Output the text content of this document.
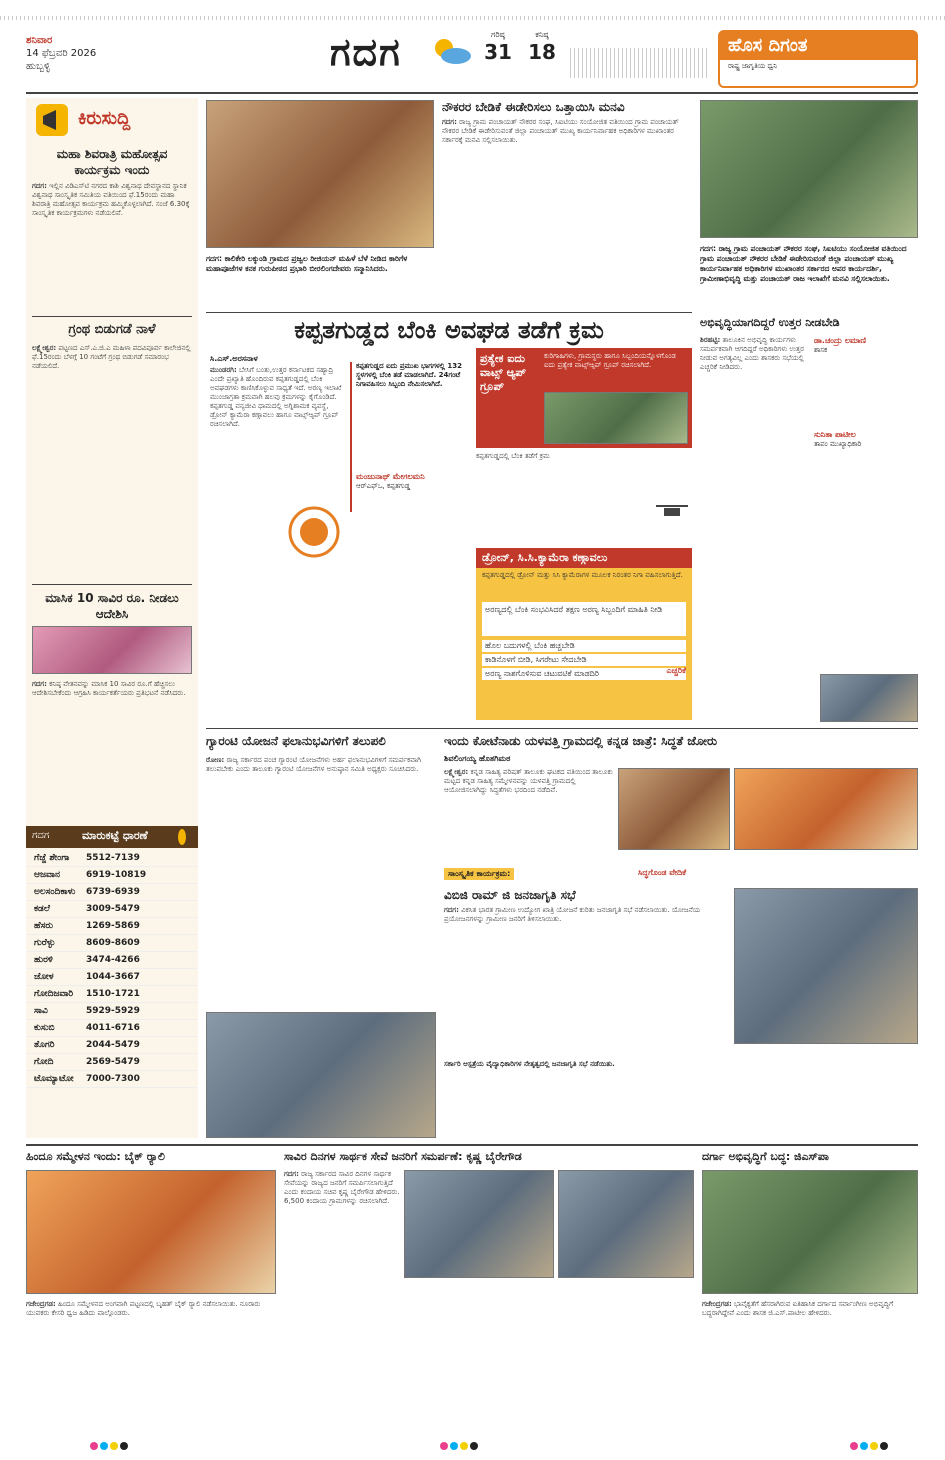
ಶನಿವಾರ
14 ಫೆಬ್ರವರಿ 2026
ಹುಬ್ಬಳ್ಳಿ	ಗದಗ	ಗರಿಷ್ಠ
31
ಕನಿಷ್ಠ
18	ಹೊಸ ದಿಗಂತ
ರಾಷ್ಟ್ರ ಜಾಗೃತಿಯ ಧ್ವನಿ
ಕಿರುಸುದ್ದಿ
ಮಹಾ ಶಿವರಾತ್ರಿ ಮಹೋತ್ಸವ ಕಾರ್ಯಕ್ರಮ ಇಂದು
ಗದಗ: ಇಲ್ಲಿನ ವಿಡಿಎಸ್‌ಟಿ ನಗರದ ಕಾಶಿ ವಿಶ್ವನಾಥ ದೇವಸ್ಥಾನದ ಸ್ಥಾನಿಕ ವಿಶ್ವನಾಥ ಸಾಂಸ್ಕೃತಿಕ ಸಮಿತಿಯ ವತಿಯಿಂದ ಫೆ.15ರಂದು ಮಹಾ ಶಿವರಾತ್ರಿ ಮಹೋತ್ಸವ ಕಾರ್ಯಕ್ರಮ ಹಮ್ಮಿಕೊಳ್ಳಲಾಗಿದೆ. ಸಂಜೆ 6.30ಕ್ಕೆ ಸಾಂಸ್ಕೃತಿಕ ಕಾರ್ಯಕ್ರಮಗಳು ನಡೆಯಲಿವೆ.
ಗ್ರಂಥ ಬಿಡುಗಡೆ ನಾಳೆ
ಲಕ್ಷ್ಮೇಶ್ವರ: ಪಟ್ಟಣದ ಎಸ್.ಎ.ಜಿ.ಎ ಮಹಿಳಾ ಪದವಿಪೂರ್ವ ಕಾಲೇಜಿನಲ್ಲಿ ಫೆ.15ರಂದು ಬೆಳಗ್ಗೆ 10 ಗಂಟೆಗೆ ಗ್ರಂಥ ಬಿಡುಗಡೆ ಸಮಾರಂಭ ನಡೆಯಲಿದೆ.
ಮಾಸಿಕ 10 ಸಾವಿರ ರೂ. ನೀಡಲು ಆದೇಶಿಸಿ
ಗದಗ: ಕನಿಷ್ಠ ವೇತನವನ್ನು ಮಾಸಿಕ 10 ಸಾವಿರ ರೂ.ಗೆ ಹೆಚ್ಚಿಸಲು ಆದೇಶಿಸಬೇಕೆಂದು ಆಗ್ರಹಿಸಿ ಕಾರ್ಯಕರ್ತೆಯರು ಪ್ರತಿಭಟನೆ ನಡೆಸಿದರು.
ಗದಗ	ಮಾರುಕಟ್ಟೆ ಧಾರಣೆ
ಗೆಜ್ಜೆ ಶೇಂಗಾ	5512-7139
ಆಜವಾನ	6919-10819
ಅಲಸಂದಿಕಾಳು	6739-6939
ಕಡಲೆ	3009-5479
ಹೆಸರು	1269-5869
ಗುರೆಳ್ಳು	8609-8609
ಹುರಳಿ	3474-4266
ಜೋಳ	1044-3667
ಗೋದಿಜವಾರಿ	1510-1721
ಸಾವಿ	5929-5929
ಕುಸುಬಿ	4011-6716
ತೊಗರಿ	2044-5479
ಗೋದಿ	2569-5479
ಟೊಮ್ಯಾಟೋ	7000-7300
ಗದಗ: ಕಾಲಿಕೇರಿ ಲಕ್ಕುಂಡಿ ಗ್ರಾಮದ ಪ್ರಜ್ವಲ ರೀಜಿಯನ್ ಮಹಿಳೆ ಬೆಳೆ ನೀಡಿದ ಕಾರಿಗೆಳ ಮಹಾಪೂಜೆಗಳ ಕನಕ ಗುರುಪೀಠದ ಪ್ರಭಾರಿ ಬೀರಲಿಂಗದೇವರು ಸನ್ಮಾನಿಸಿದರು.
ನೌಕರರ ಬೇಡಿಕೆ ಈಡೇರಿಸಲು ಒತ್ತಾಯಿಸಿ ಮನವಿ
ಗದಗ: ರಾಜ್ಯ ಗ್ರಾಮ ಪಂಚಾಯತ್ ನೌಕರರ ಸಂಘ, ಸಿಐಟಿಯು ಸಂಯೋಜಿತ ವತಿಯಿಂದ ಗ್ರಾಮ ಪಂಚಾಯತ್ ನೌಕರರ ಬೇಡಿಕೆ ಈಡೇರಿಸುವಂತೆ ಜಿಲ್ಲಾ ಪಂಚಾಯತ್ ಮುಖ್ಯ ಕಾರ್ಯನಿರ್ವಾಹಕ ಅಧಿಕಾರಿಗಳ ಮುಖಾಂತರ ಸರ್ಕಾರಕ್ಕೆ ಮನವಿ ಸಲ್ಲಿಸಲಾಯಿತು.
ಗದಗ: ರಾಜ್ಯ ಗ್ರಾಮ ಪಂಚಾಯತ್ ನೌಕರರ ಸಂಘ, ಸಿಐಟಿಯು ಸಂಯೋಜಿತ ವತಿಯಿಂದ ಗ್ರಾಮ ಪಂಚಾಯತ್ ನೌಕರರ ಬೇಡಿಕೆ ಈಡೇರಿಸುವಂತೆ ಜಿಲ್ಲಾ ಪಂಚಾಯತ್ ಮುಖ್ಯ ಕಾರ್ಯನಿರ್ವಾಹಕ ಅಧಿಕಾರಿಗಳ ಮುಖಾಂತರ ಸರ್ಕಾರದ ಅಪರ ಕಾರ್ಯದರ್ಶಿ, ಗ್ರಾಮೀಣಾಭಿವೃದ್ಧಿ ಮತ್ತು ಪಂಚಾಯತ್ ರಾಜ ಇಲಾಖೆಗೆ ಮನವಿ ಸಲ್ಲಿಸಲಾಯಿತು.
ಕಪ್ಪತಗುಡ್ಡದ ಬೆಂಕಿ ಅವಘಡ ತಡೆಗೆ ಕ್ರಮ
ಸಿ.ಎಸ್.ಅರಸನಾಳ
ಮುಂಡರಗಿ: ಬೇಸಿಗೆ ಬಂತು,ಉತ್ತರ ಕರ್ನಾಟಕದ ಸಹ್ಯಾದ್ರಿ ಎಂದೇ ಪ್ರಖ್ಯಾತಿ ಹೊಂದಿರುವ ಕಪ್ಪತಗುಡ್ಡದಲ್ಲಿ ಬೆಂಕಿ ಅವಘಡಗಳು ಕಾಣಿಸಿಕೊಳ್ಳುವ ಸಾಧ್ಯತೆ ಇದೆ. ಅರಣ್ಯ ಇಲಾಖೆ ಮುಂಜಾಗ್ರತಾ ಕ್ರಮವಾಗಿ ಹಲವು ಕ್ರಮಗಳನ್ನು ಕೈಗೊಂಡಿದೆ. ಕಪ್ಪತಗುಡ್ಡ ವನ್ಯಜೀವಿ ಧಾಮದಲ್ಲಿ ಅಗ್ನಿಶಾಮಕ ವ್ಯವಸ್ಥೆ, ಡ್ರೋನ್ ಕ್ಯಾಮೆರಾ ಕಣ್ಗಾವಲು ಹಾಗೂ ವಾಟ್ಸ್‌ಆ್ಯಪ್ ಗ್ರೂಪ್ ರಚಿಸಲಾಗಿದೆ.
ಕಪ್ಪತಗುಡ್ಡದ ಐದು ಪ್ರಮುಖ ಭಾಗಗಳಲ್ಲಿ 132 ಸ್ಥಳಗಳಲ್ಲಿ ಬೆಂಕಿ ತಡೆ ಮಾಡಲಾಗಿದೆ. 24ಗಂಟೆ ನಿಗಾವಹಿಸಲು ಸಿಬ್ಬಂದಿ ನೇಮಿಸಲಾಗಿದೆ.
ಮಂಜುನಾಥ್ ಮೇಗಲಮನಿ
ಆರ್‌ಎಫ್‌ಒ, ಕಪ್ಪತಗುಡ್ಡ
ಪ್ರತ್ಯೇಕ ಐದು ವಾಟ್ಸ್ ಆ್ಯಪ್ ಗ್ರೂಪ್
ಕುರಿಗಾಹಿಗಳು, ಗ್ರಾಮಸ್ಥರು ಹಾಗೂ ಸಿಬ್ಬಂದಿಯನ್ನೊಳಗೊಂಡ ಐದು ಪ್ರತ್ಯೇಕ ವಾಟ್ಸ್‌ಆ್ಯಪ್ ಗ್ರೂಪ್ ರಚಿಸಲಾಗಿದೆ.
ಕಪ್ಪತಗುಡ್ಡದಲ್ಲಿ ಬೆಂಕಿ ತಡೆಗೆ ಕ್ರಮ
ಡ್ರೋನ್, ಸಿ.ಸಿ.ಕ್ಯಾಮೆರಾ ಕಣ್ಗಾವಲು
ಕಪ್ಪತಗುಡ್ಡದಲ್ಲಿ ಡ್ರೋನ್ ಮತ್ತು ಸಿಸಿ ಕ್ಯಾಮೆರಾಗಳ ಮೂಲಕ ನಿರಂತರ ನಿಗಾ ವಹಿಸಲಾಗುತ್ತಿದೆ.
ಅರಣ್ಯದಲ್ಲಿ ಬೆಂಕಿ ಸಂಭವಿಸಿದರೆ ತಕ್ಷಣ ಅರಣ್ಯ ಸಿಬ್ಬಂದಿಗೆ ಮಾಹಿತಿ ನೀಡಿ
ಹೊಲ ಬದುಗಳಲ್ಲಿ ಬೆಂಕಿ ಹಚ್ಚಬೇಡಿ
ಕಾಡಿನೊಳಗೆ ಬೀಡಿ, ಸಿಗರೇಟು ಸೇದಬೇಡಿ
ಅರಣ್ಯ ನಾಶಗೊಳಿಸುವ ಚಟುವಟಿಕೆ ಮಾಡದಿರಿ	ಎಚ್ಚರಿಕೆ
ಅಭಿವೃದ್ಧಿಯಾಗದಿದ್ದರೆ ಉತ್ತರ ನೀಡಬೇಡಿ
ಶಿರಹಟ್ಟಿ: ತಾಲೂಕಿನ ಅಭಿವೃದ್ಧಿ ಕಾರ್ಯಗಳು ಸಮರ್ಪಕವಾಗಿ ಆಗದಿದ್ದರೆ ಅಧಿಕಾರಿಗಳು ಉತ್ತರ ನೀಡುವ ಅಗತ್ಯವಿಲ್ಲ ಎಂದು ಶಾಸಕರು ಸಭೆಯಲ್ಲಿ ಎಚ್ಚರಿಕೆ ನೀಡಿದರು.
ಡಾ.ಚಂದ್ರು ಲಮಾಣಿ
ಶಾಸಕ
ಸುನಿತಾ ಪಾಟೀಲ
ತಾಪಂ ಮುಖ್ಯಾಧಿಕಾರಿ
ಗ್ಯಾರಂಟಿ ಯೋಜನೆ ಫಲಾನುಭವಿಗಳಿಗೆ ತಲುಪಲಿ
ರೋಣ: ರಾಜ್ಯ ಸರ್ಕಾರದ ಪಂಚ ಗ್ಯಾರಂಟಿ ಯೋಜನೆಗಳು ಅರ್ಹ ಫಲಾನುಭವಿಗಳಿಗೆ ಸಮರ್ಪಕವಾಗಿ ತಲುಪಬೇಕು ಎಂದು ತಾಲೂಕು ಗ್ಯಾರಂಟಿ ಯೋಜನೆಗಳ ಅನುಷ್ಠಾನ ಸಮಿತಿ ಅಧ್ಯಕ್ಷರು ಸೂಚಿಸಿದರು.
ಇಂದು ಕೋಟೆನಾಡು ಯಳವತ್ತಿ ಗ್ರಾಮದಲ್ಲಿ ಕನ್ನಡ ಜಾತ್ರೆ: ಸಿದ್ಧತೆ ಜೋರು
ಶಿವಲಿಂಗಯ್ಯ ಹೊತಗಿಮಠ
ಲಕ್ಷ್ಮೇಶ್ವರ: ಕನ್ನಡ ಸಾಹಿತ್ಯ ಪರಿಷತ್ ತಾಲೂಕು ಘಟಕದ ವತಿಯಿಂದ ತಾಲೂಕು ಮಟ್ಟದ ಕನ್ನಡ ಸಾಹಿತ್ಯ ಸಮ್ಮೇಳನವನ್ನು ಯಳವತ್ತಿ ಗ್ರಾಮದಲ್ಲಿ ಆಯೋಜಿಸಲಾಗಿದ್ದು ಸಿದ್ಧತೆಗಳು ಭರದಿಂದ ನಡೆದಿವೆ.
ಸಾಂಸ್ಕೃತಿಕ ಕಾರ್ಯಕ್ರಮ:	ಸಿದ್ಧಗೊಂಡ ವೇದಿಕೆ
ವಿಬಿಜಿ ರಾಮ್ ಜಿ ಜನಜಾಗೃತಿ ಸಭೆ
ಗದಗ: ವಿಕಸಿತ ಭಾರತ ಗ್ರಾಮೀಣ ಉದ್ಯೋಗ ಖಾತ್ರಿ ಯೋಜನೆ ಕುರಿತು ಜನಜಾಗೃತಿ ಸಭೆ ನಡೆಸಲಾಯಿತು. ಯೋಜನೆಯ ಪ್ರಯೋಜನಗಳನ್ನು ಗ್ರಾಮೀಣ ಜನರಿಗೆ ತಿಳಿಸಲಾಯಿತು.
ಸರ್ಕಾರಿ ಆಸ್ಪತ್ರೆಯ ವೈದ್ಯಾಧಿಕಾರಿಗಳ ನೇತೃತ್ವದಲ್ಲಿ ಜನಜಾಗೃತಿ ಸಭೆ ನಡೆಯಿತು.
ಹಿಂದೂ ಸಮ್ಮೇಳನ ಇಂದು: ಬೈಕ್ ರ್‍ಯಾಲಿ
ಗಜೇಂದ್ರಗಡ: ಹಿಂದೂ ಸಮ್ಮೇಳನದ ಅಂಗವಾಗಿ ಪಟ್ಟಣದಲ್ಲಿ ಬೃಹತ್ ಬೈಕ್ ರ್‍ಯಾಲಿ ನಡೆಸಲಾಯಿತು. ನೂರಾರು ಯುವಕರು ಕೇಸರಿ ಧ್ವಜ ಹಿಡಿದು ಪಾಲ್ಗೊಂಡರು.
ಸಾವಿರ ದಿನಗಳ ಸಾರ್ಥಕ ಸೇವೆ ಜನರಿಗೆ ಸಮರ್ಪಣೆ: ಕೃಷ್ಣ ಬೈರೇಗೌಡ
ಗದಗ: ರಾಜ್ಯ ಸರ್ಕಾರದ ಸಾವಿರ ದಿನಗಳ ಸಾರ್ಥಕ ಸೇವೆಯನ್ನು ರಾಜ್ಯದ ಜನರಿಗೆ ಸಮರ್ಪಿಸಲಾಗುತ್ತಿದೆ ಎಂದು ಕಂದಾಯ ಸಚಿವ ಕೃಷ್ಣ ಬೈರೇಗೌಡ ಹೇಳಿದರು. 6,500 ಕಂದಾಯ ಗ್ರಾಮಗಳನ್ನು ರಚಿಸಲಾಗಿದೆ.
ದರ್ಗಾ ಅಭಿವೃದ್ಧಿಗೆ ಬದ್ಧ: ಜಿಎಸ್‌ಪಾ
ಗಜೇಂದ್ರಗಡ: ಭಾವೈಕ್ಯತೆಗೆ ಹೆಸರಾಗಿರುವ ಐತಿಹಾಸಿಕ ದರ್ಗಾದ ಸರ್ವಾಂಗೀಣ ಅಭಿವೃದ್ಧಿಗೆ ಬದ್ಧರಾಗಿದ್ದೇವೆ ಎಂದು ಶಾಸಕ ಜಿ.ಎಸ್.ಪಾಟೀಲ ಹೇಳಿದರು.
